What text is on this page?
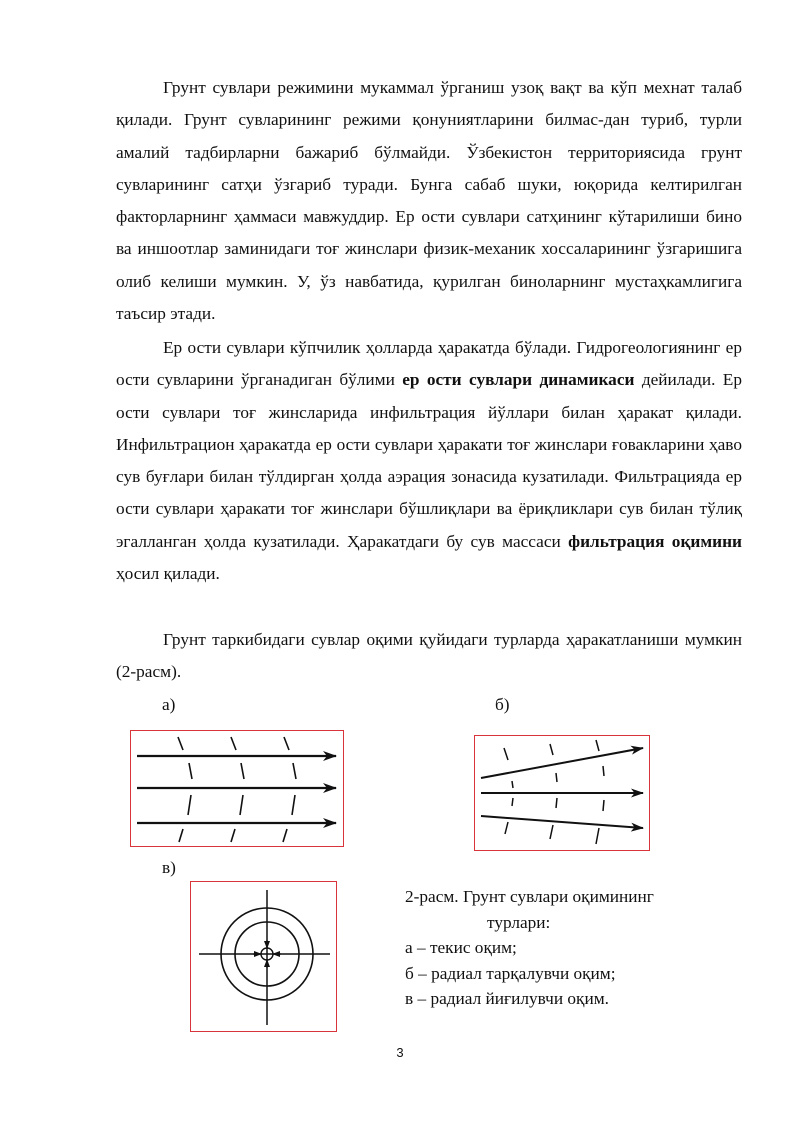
Грунт сувлари режимини мукаммал ўрганиш узоқ вақт ва кўп мехнат талаб қилади. Грунт сувларининг режими қонуниятларини билмас-дан туриб, турли амалий тадбирларни бажариб бўлмайди. Ўзбекистон территориясида грунт сувларининг сатҳи ўзгариб туради. Бунга сабаб шуки, юқорида келтирилган факторларнинг ҳаммаси мавжуддир. Ер ости сувлари сатҳининг кўтарилиши бино ва иншоотлар заминидаги тоғ жинслари физик-механик хоссаларининг ўзгаришига олиб келиши мумкин. У, ўз навбатида, қурилган биноларнинг мустаҳкамлигига таъсир этади.

Ер ости сувлари кўпчилик ҳолларда ҳаракатда бўлади. Гидрогеологиянинг ер ости сувларини ўрганадиган бўлими ер ости сувлари динамикаси дейилади. Ер ости сувлари тоғ жинсларида инфильтрация йўллари билан ҳаракат қилади. Инфильтрацион ҳаракатда ер ости сувлари ҳаракати тоғ жинслари ғовакларини ҳаво сув буғлари билан тўлдирган ҳолда аэрация зонасида кузатилади. Фильтрацияда ер ости сувлари ҳаракати тоғ жинслари бўшлиқлари ва ёриқликлари сув билан тўлиқ эгалланган ҳолда кузатилади. Ҳаракатдаги бу сув массаси фильтрация оқимини ҳосил қилади.

Грунт таркибидаги сувлар оқими қуйидаги турларда ҳаракатланиши мумкин (2-расм).

а)	б)
в)
2-расм. Грунт сувлари оқимининг
турлари:
а – текис оқим;
б – радиал тарқалувчи оқим;
в – радиал йиғилувчи оқим.
3
